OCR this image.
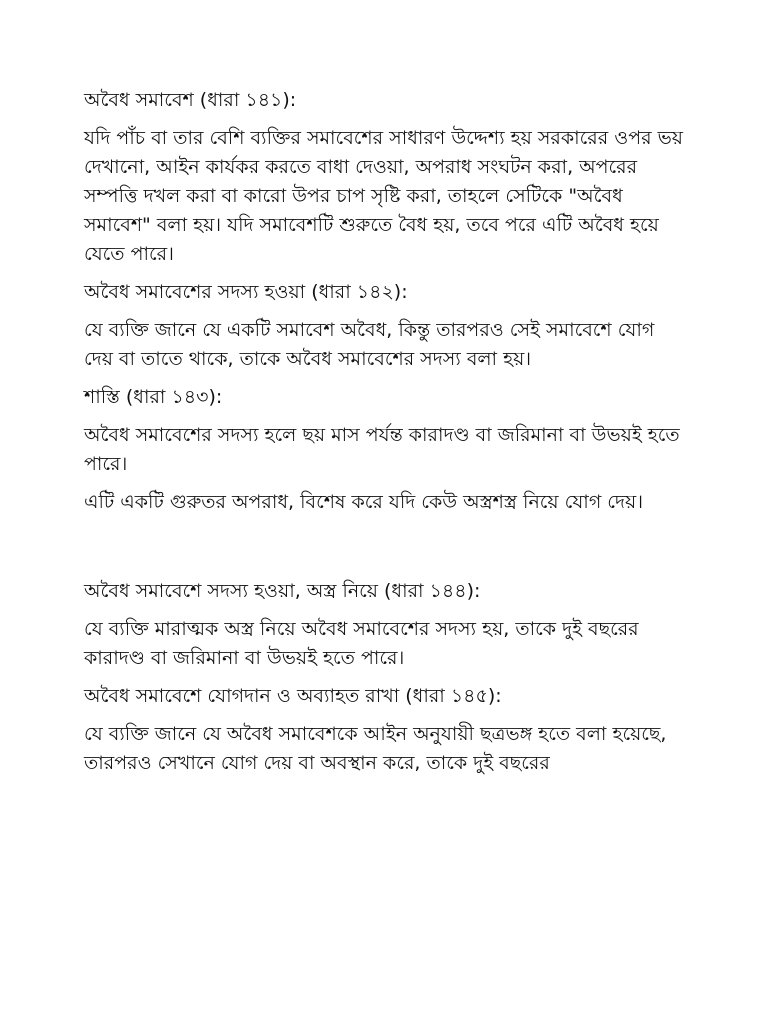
অবৈধ সমাবেশ (ধারা ১৪১):
যদি পাঁচ বা তার বেশি ব্যক্তির সমাবেশের সাধারণ উদ্দেশ্য হয় সরকারের ওপর ভয় দেখানো, আইন কার্যকর করতে বাধা দেওয়া, অপরাধ সংঘটন করা, অপরের সম্পত্তি দখল করা বা কারো উপর চাপ সৃষ্টি করা, তাহলে সেটিকে "অবৈধ সমাবেশ" বলা হয়। যদি সমাবেশটি শুরুতে বৈধ হয়, তবে পরে এটি অবৈধ হয়ে যেতে পারে।
অবৈধ সমাবেশের সদস্য হওয়া (ধারা ১৪২):
যে ব্যক্তি জানে যে একটি সমাবেশ অবৈধ, কিন্তু তারপরও সেই সমাবেশে যোগ দেয় বা তাতে থাকে, তাকে অবৈধ সমাবেশের সদস্য বলা হয়।
শাস্তি (ধারা ১৪৩):
অবৈধ সমাবেশের সদস্য হলে ছয় মাস পর্যন্ত কারাদণ্ড বা জরিমানা বা উভয়ই হতে পারে।
এটি একটি গুরুতর অপরাধ, বিশেষ করে যদি কেউ অস্ত্রশস্ত্র নিয়ে যোগ দেয়।
অবৈধ সমাবেশে সদস্য হওয়া, অস্ত্র নিয়ে (ধারা ১৪৪):
যে ব্যক্তি মারাত্মক অস্ত্র নিয়ে অবৈধ সমাবেশের সদস্য হয়, তাকে দুই বছরের কারাদণ্ড বা জরিমানা বা উভয়ই হতে পারে।
অবৈধ সমাবেশে যোগদান ও অব্যাহত রাখা (ধারা ১৪৫):
যে ব্যক্তি জানে যে অবৈধ সমাবেশকে আইন অনুযায়ী ছত্রভঙ্গ হতে বলা হয়েছে, তারপরও সেখানে যোগ দেয় বা অবস্থান করে, তাকে দুই বছরের
